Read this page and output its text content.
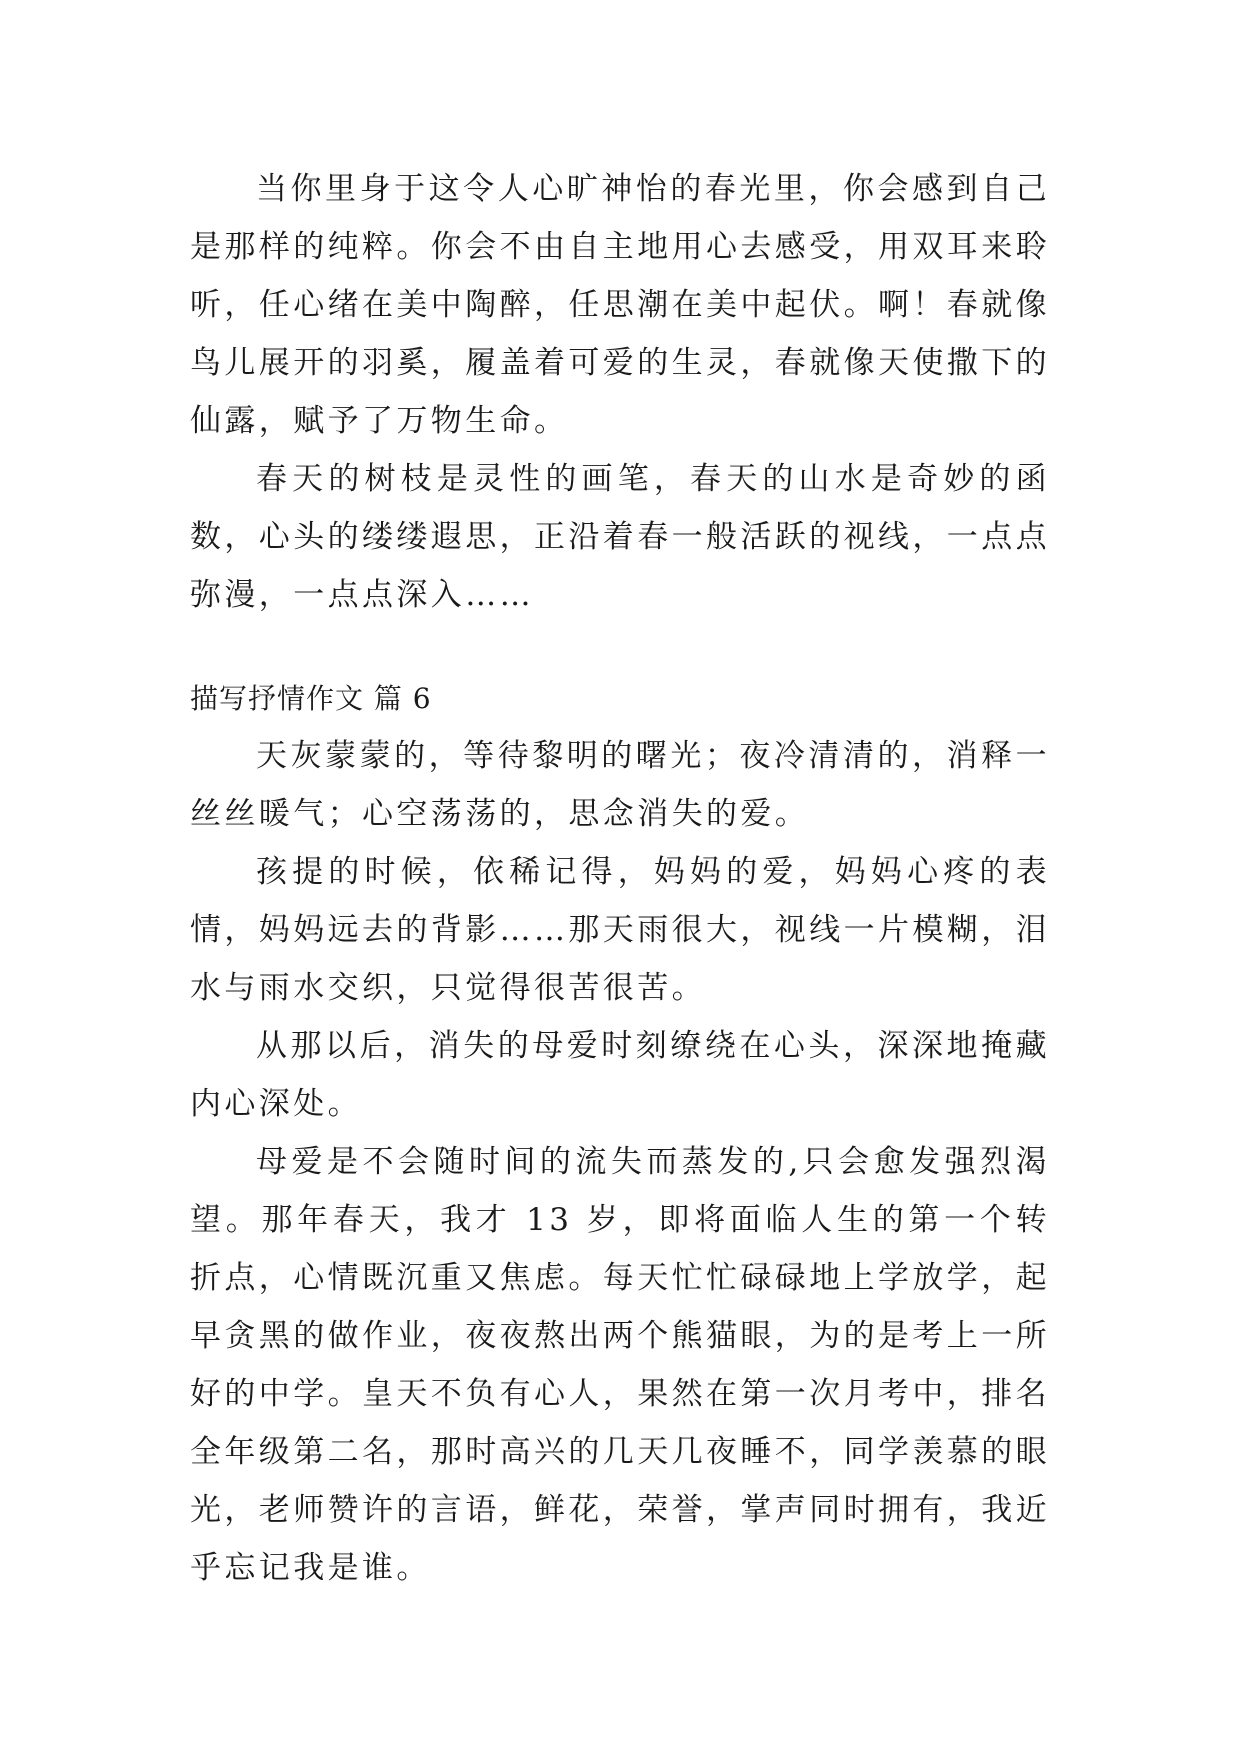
当你里身于这令人心旷神怡的春光里，你会感到自己是那样的纯粹。你会不由自主地用心去感受，用双耳来聆听，任心绪在美中陶醉，任思潮在美中起伏。啊！春就像鸟儿展开的羽奚，履盖着可爱的生灵，春就像天使撒下的仙露，赋予了万物生命。

春天的树枝是灵性的画笔，春天的山水是奇妙的函数，心头的缕缕遐思，正沿着春一般活跃的视线，一点点弥漫，一点点深入……

描写抒情作文 篇 6

天灰蒙蒙的，等待黎明的曙光；夜冷清清的，消释一丝丝暖气；心空荡荡的，思念消失的爱。

孩提的时候，依稀记得，妈妈的爱，妈妈心疼的表情，妈妈远去的背影……那天雨很大，视线一片模糊，泪水与雨水交织，只觉得很苦很苦。

从那以后，消失的母爱时刻缭绕在心头，深深地掩藏内心深处。

母爱是不会随时间的流失而蒸发的,只会愈发强烈渴望。那年春天，我才 13 岁，即将面临人生的第一个转折点，心情既沉重又焦虑。每天忙忙碌碌地上学放学，起早贪黑的做作业，夜夜熬出两个熊猫眼，为的是考上一所好的中学。皇天不负有心人，果然在第一次月考中，排名全年级第二名，那时高兴的几天几夜睡不，同学羡慕的眼光，老师赞许的言语，鲜花，荣誉，掌声同时拥有，我近乎忘记我是谁。
